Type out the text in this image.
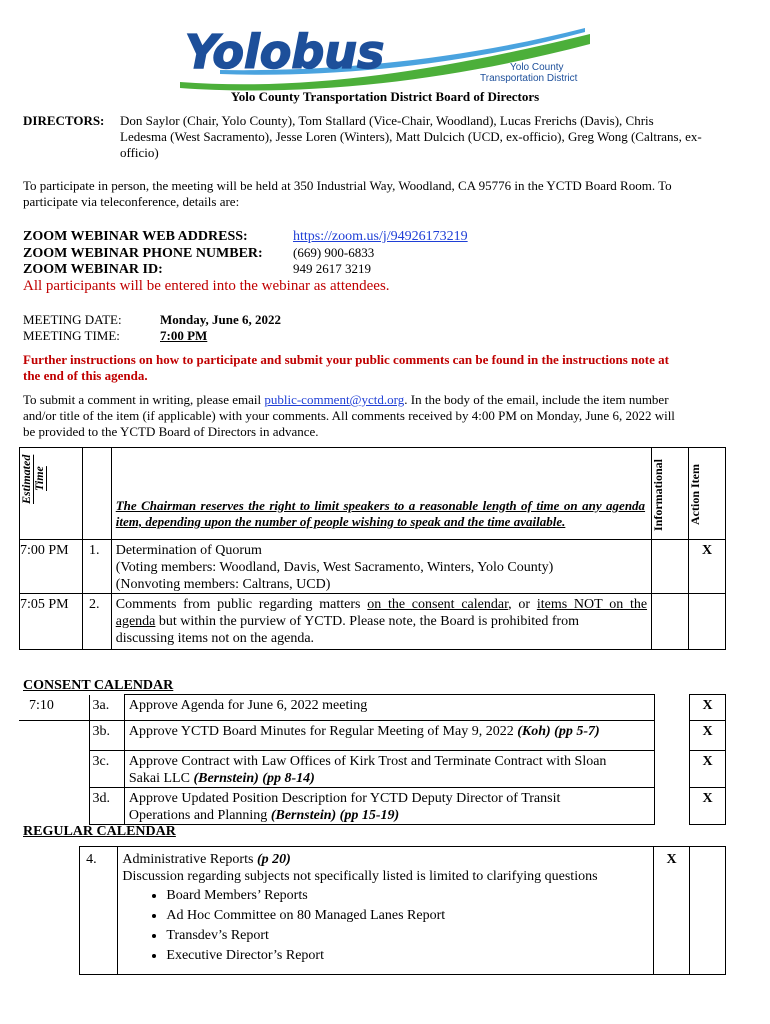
Yolobus	Yolo County
Transportation District
Yolo County Transportation District Board of Directors
DIRECTORS: Don Saylor (Chair, Yolo County), Tom Stallard (Vice-Chair, Woodland), Lucas Frerichs (Davis), Chris
Ledesma (West Sacramento), Jesse Loren (Winters), Matt Dulcich (UCD, ex-officio), Greg Wong (Caltrans, ex-
officio)
To participate in person, the meeting will be held at 350 Industrial Way, Woodland, CA 95776 in the YCTD Board Room. To
participate via teleconference, details are:
ZOOM WEBINAR WEB ADDRESS:	https://zoom.us/j/94926173219
ZOOM WEBINAR PHONE NUMBER: (669) 900-6833
ZOOM WEBINAR ID:	949 2617 3219
All participants will be entered into the webinar as attendees.
MEETING DATE:	Monday, June 6, 2022
MEETING TIME:	7:00 PM
Further instructions on how to participate and submit your public comments can be found in the instructions note at
the end of this agenda.
To submit a comment in writing, please email public-comment@yctd.org. In the body of the email, include the item number
and/or title of the item (if applicable) with your comments. All comments received by 4:00 PM on Monday, June 6, 2022 will
be provided to the YCTD Board of Directors in advance.
Estimated Time		The Chairman reserves the right to limit speakers to a reasonable length of time on any agenda item, depending upon the number of people wishing to speak and the time available.	Informational	Action Item

7:00 PM	1.	Determination of Quorum
(Voting members: Woodland, Davis, West Sacramento, Winters, Yolo County)
(Nonvoting members: Caltrans, UCD)		X
7:05 PM	2.	Comments from public regarding matters on the consent calendar, or items NOT on the agenda but within the purview of YCTD. Please note, the Board is prohibited from
discussing items not on the agenda.		

CONSENT CALENDAR
7:10	3a.	Approve Agenda for June 6, 2022 meeting		X
	3b.	Approve YCTD Board Minutes for Regular Meeting of May 9, 2022 (Koh) (pp 5-7)		X
	3c.	Approve Contract with Law Offices of Kirk Trost and Terminate Contract with Sloan
Sakai LLC (Bernstein) (pp 8-14)		X
	3d.	Approve Updated Position Description for YCTD Deputy Director of Transit
Operations and Planning (Bernstein) (pp 15-19)		X
REGULAR CALENDAR
	4.	Administrative Reports (p 20)
Discussion regarding subjects not specifically listed is limited to clarifying questions
• Board Members’ Reports
• Ad Hoc Committee on 80 Managed Lanes Report
• Transdev’s Report
• Executive Director’s Report
	X	
